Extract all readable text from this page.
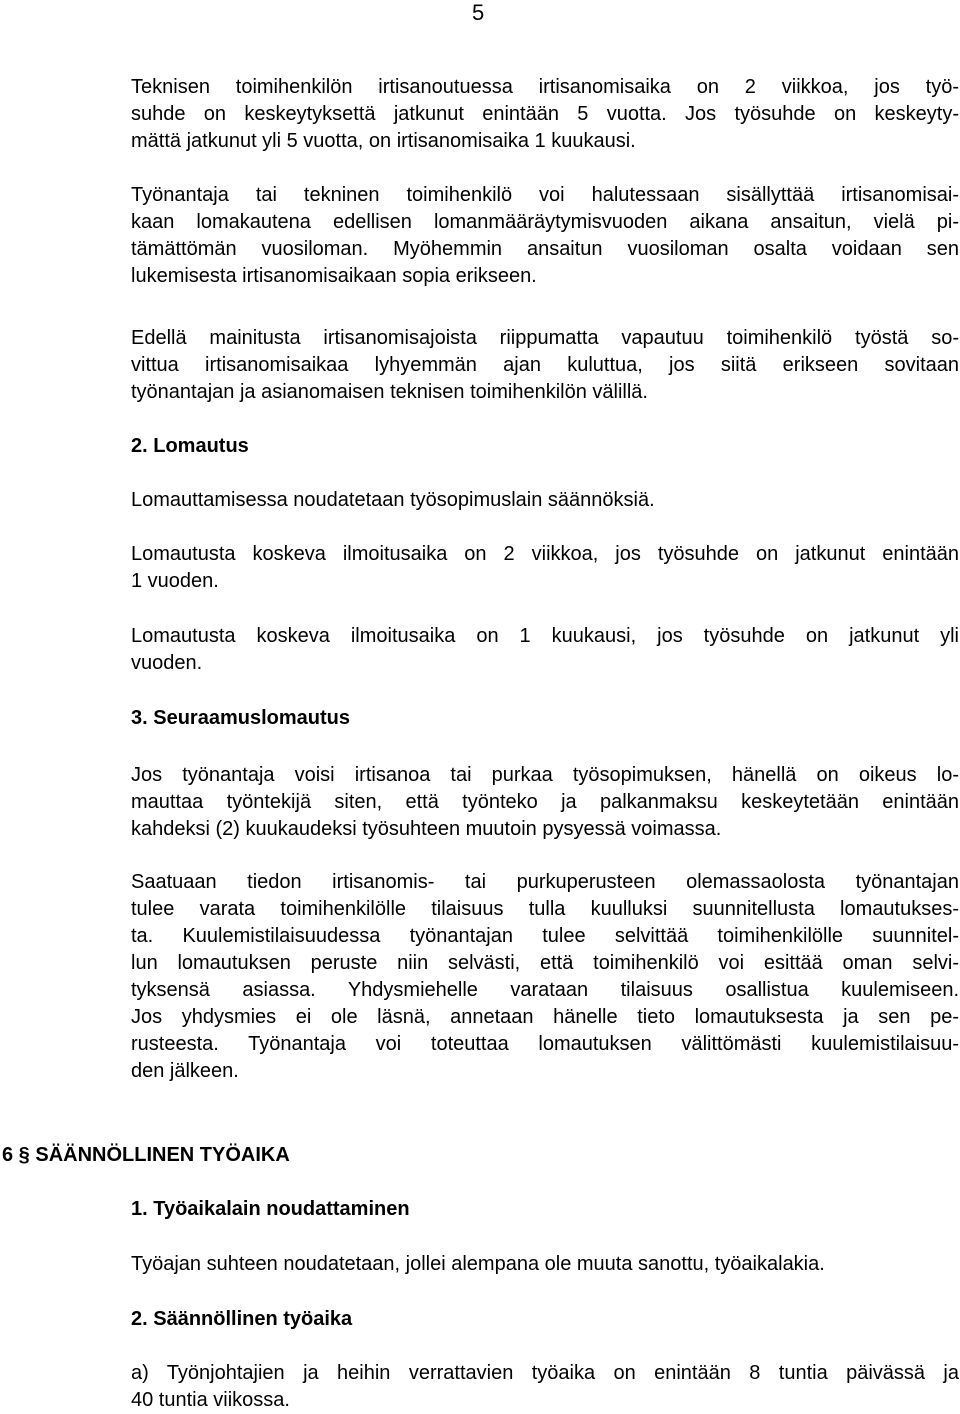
5
Teknisen toimihenkilön irtisanoutuessa irtisanomisaika on 2 viikkoa, jos työ-
suhde on keskeytyksettä jatkunut enintään 5 vuotta. Jos työsuhde on keskeyty-
mättä jatkunut yli 5 vuotta, on irtisanomisaika 1 kuukausi.
Työnantaja tai tekninen toimihenkilö voi halutessaan sisällyttää irtisanomisai-
kaan lomakautena edellisen lomanmääräytymisvuoden aikana ansaitun, vielä pi-
tämättömän vuosiloman. Myöhemmin ansaitun vuosiloman osalta voidaan sen
lukemisesta irtisanomisaikaan sopia erikseen.
Edellä mainitusta irtisanomisajoista riippumatta vapautuu toimihenkilö työstä so-
vittua irtisanomisaikaa lyhyemmän ajan kuluttua, jos siitä erikseen sovitaan
työnantajan ja asianomaisen teknisen toimihenkilön välillä.
2. Lomautus
Lomauttamisessa noudatetaan työsopimuslain säännöksiä.
Lomautusta koskeva ilmoitusaika on 2 viikkoa, jos työsuhde on jatkunut enintään
1 vuoden.
Lomautusta koskeva ilmoitusaika on 1 kuukausi, jos työsuhde on jatkunut yli
vuoden.
3. Seuraamuslomautus
Jos työnantaja voisi irtisanoa tai purkaa työsopimuksen, hänellä on oikeus lo-
mauttaa työntekijä siten, että työnteko ja palkanmaksu keskeytetään enintään
kahdeksi (2) kuukaudeksi työsuhteen muutoin pysyessä voimassa.
Saatuaan tiedon irtisanomis- tai purkuperusteen olemassaolosta työnantajan
tulee varata toimihenkilölle tilaisuus tulla kuulluksi suunnitellusta lomautukses-
ta. Kuulemistilaisuudessa työnantajan tulee selvittää toimihenkilölle suunnitel-
lun lomautuksen peruste niin selvästi, että toimihenkilö voi esittää oman selvi-
tyksensä asiassa. Yhdysmiehelle varataan tilaisuus osallistua kuulemiseen.
Jos yhdysmies ei ole läsnä, annetaan hänelle tieto lomautuksesta ja sen pe-
rusteesta. Työnantaja voi toteuttaa lomautuksen välittömästi kuulemistilaisuu-
den jälkeen.
6 § SÄÄNNÖLLINEN TYÖAIKA
1. Työaikalain noudattaminen
Työajan suhteen noudatetaan, jollei alempana ole muuta sanottu, työaikalakia.
2. Säännöllinen työaika
a) Työnjohtajien ja heihin verrattavien työaika on enintään 8 tuntia päivässä ja
40 tuntia viikossa.
